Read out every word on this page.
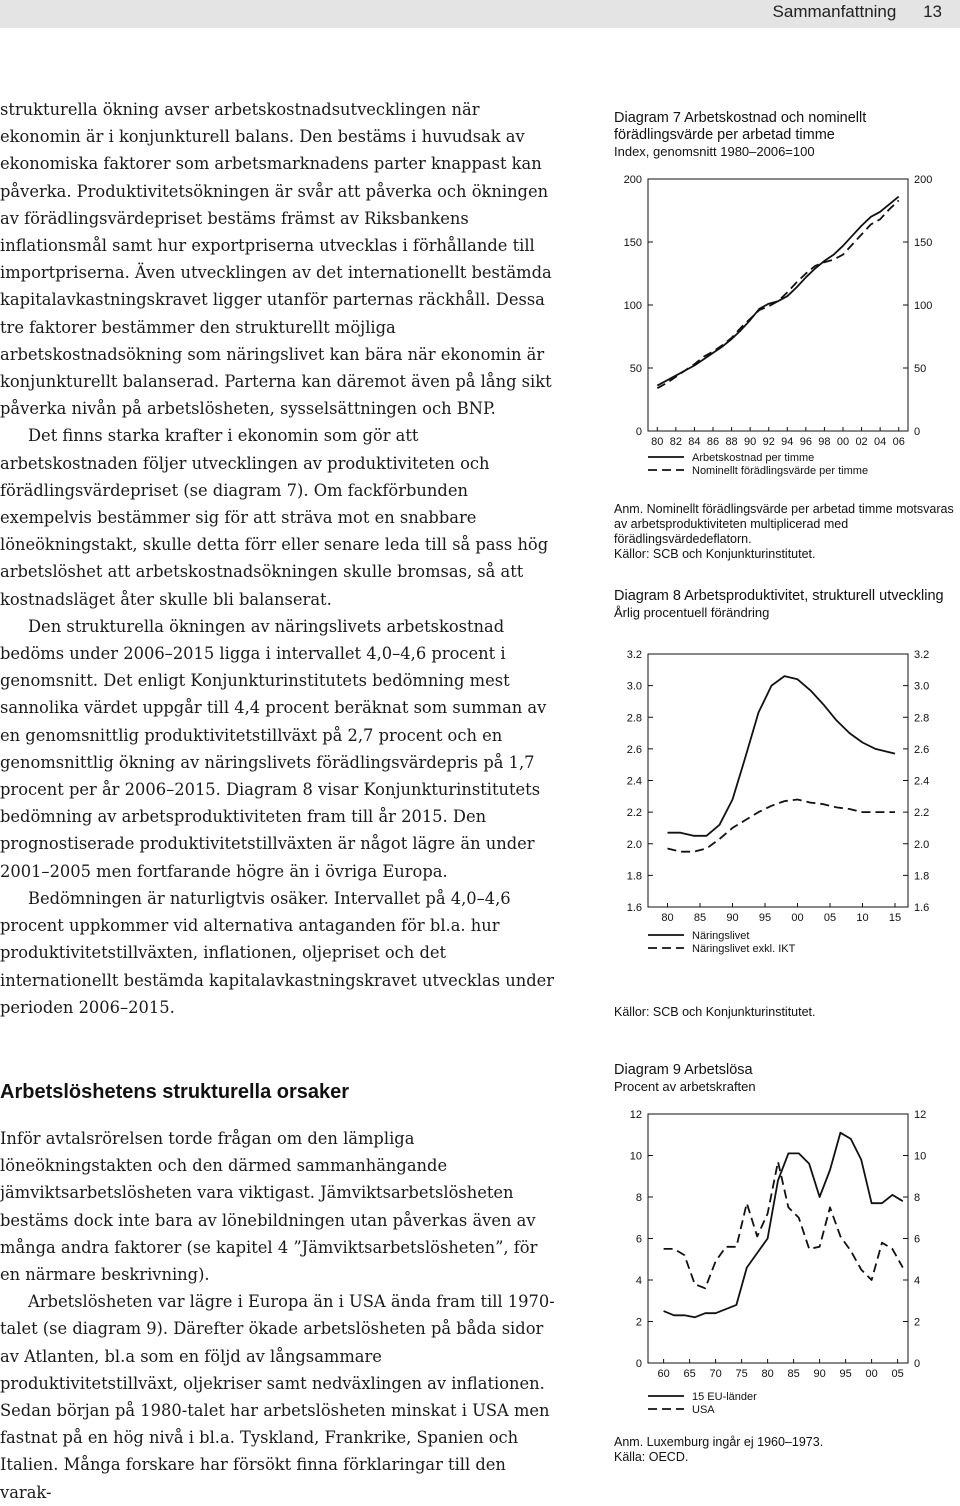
Sammanfattning 13

strukturella ökning avser arbetskostnadsutvecklingen när ekonomin är i konjunkturell balans. Den bestäms i huvudsak av ekonomiska faktorer som arbetsmarknadens parter knappast kan påverka. Produktivitetsökningen är svår att påverka och ökningen av förädlingsvärdepriset bestäms främst av Riksbankens inflationsmål samt hur exportpriserna utvecklas i förhållande till importpriserna. Även utvecklingen av det internationellt bestämda kapitalavkastningskravet ligger utanför parternas räckhåll. Dessa tre faktorer bestämmer den strukturellt möjliga arbetskostnadsökning som näringslivet kan bära när ekonomin är konjunkturellt balanserad. Parterna kan däremot även på lång sikt påverka nivån på arbetslösheten, sysselsättningen och BNP.

Det finns starka krafter i ekonomin som gör att arbetskostnaden följer utvecklingen av produktiviteten och förädlingsvärdepriset (se diagram 7). Om fackförbunden exempelvis bestämmer sig för att sträva mot en snabbare löneökningstakt, skulle detta förr eller senare leda till så pass hög arbetslöshet att arbetskostnadsökningen skulle bromsas, så att kostnadsläget åter skulle bli balanserat.

Den strukturella ökningen av näringslivets arbetskostnad bedöms under 2006–2015 ligga i intervallet 4,0–4,6 procent i genomsnitt. Det enligt Konjunkturinstitutets bedömning mest sannolika värdet uppgår till 4,4 procent beräknat som summan av en genomsnittlig produktivitetstillväxt på 2,7 procent och en genomsnittlig ökning av näringslivets förädlingsvärdepris på 1,7 procent per år 2006–2015. Diagram 8 visar Konjunkturinstitutets bedömning av arbetsproduktiviteten fram till år 2015. Den prognostiserade produktivitetstillväxten är något lägre än under 2001–2005 men fortfarande högre än i övriga Europa.

Bedömningen är naturligtvis osäker. Intervallet på 4,0–4,6 procent uppkommer vid alternativa antaganden för bl.a. hur produktivitetstillväxten, inflationen, oljepriset och det internationellt bestämda kapitalavkastningskravet utvecklas under perioden 2006–2015.

Arbetslöshetens strukturella orsaker

Inför avtalsrörelsen torde frågan om den lämpliga löneökningstakten och den därmed sammanhängande jämviktsarbetslösheten vara viktigast. Jämviktsarbetslösheten bestäms dock inte bara av lönebildningen utan påverkas även av många andra faktorer (se kapitel 4 ”Jämviktsarbetslösheten”, för en närmare beskrivning).

Arbetslösheten var lägre i Europa än i USA ända fram till 1970-talet (se diagram 9). Därefter ökade arbetslösheten på båda sidor av Atlanten, bl.a som en följd av långsammare produktivitetstillväxt, oljekriser samt nedväxlingen av inflationen. Sedan början på 1980-talet har arbetslösheten minskat i USA men fastnat på en hög nivå i bl.a. Tyskland, Frankrike, Spanien och Italien. Många forskare har försökt finna förklaringar till den varak-

Diagram 7 Arbetskostnad och nominellt förädlingsvärde per arbetad timme

Index, genomsnitt 1980–2006=100

0	0
50	50
100	100
150	150
200	200
80 82 84 86 88 90 92 94 96 98 00 02 04 06
Arbetskostnad per timme
Nominellt förädlingsvärde per timme

Anm. Nominellt förädlingsvärde per arbetad timme motsvaras av arbetsproduktiviteten multiplicerad med förädlingsvärdedeflatorn.

Källor: SCB och Konjunkturinstitutet.

Diagram 8 Arbetsproduktivitet, strukturell utveckling

Årlig procentuell förändring

1.6	1.6
1.8	1.8
2.0	2.0
2.2	2.2
2.4	2.4
2.6	2.6
2.8	2.8
3.0	3.0
3.2	3.2
80 85 90 95 00 05 10 15
Näringslivet
Näringslivet exkl. IKT

Källor: SCB och Konjunkturinstitutet.

Diagram 9 Arbetslösa

Procent av arbetskraften

0	0
2	2
4	4
6	6
8	8
10	10
12	12
60 65 70 75 80 85 90 95 00 05
15 EU-länder
USA

Anm. Luxemburg ingår ej 1960–1973.

Källa: OECD.
